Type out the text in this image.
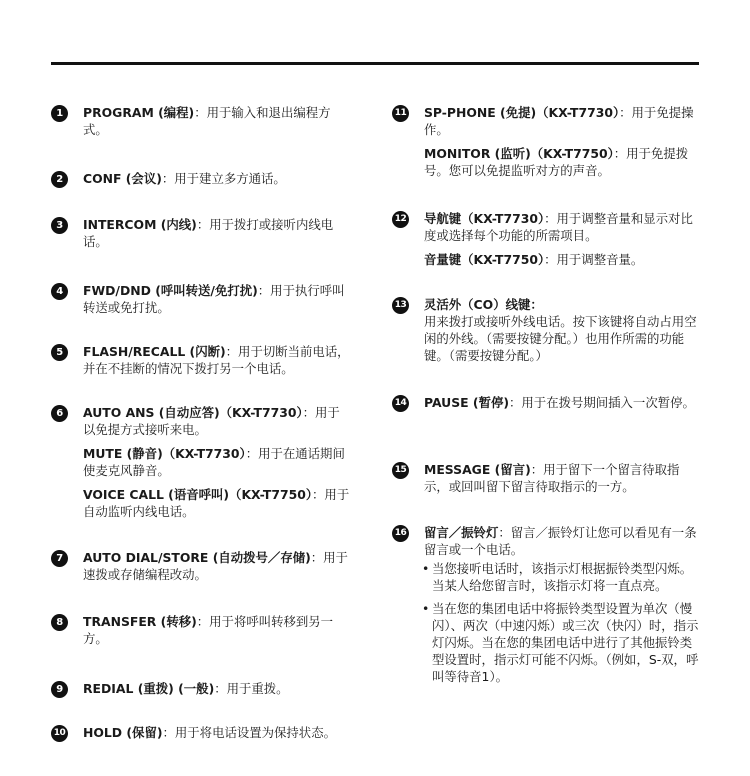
1	PROGRAM (编程)：用于输入和退出编程方式。
2	CONF (会议)：用于建立多方通话。
3	INTERCOM (内线)：用于拨打或接听内线电话。
4	FWD/DND (呼叫转送/免打扰)：用于执行呼叫转送或免打扰。
5	FLASH/RECALL (闪断)：用于切断当前电话，并在不挂断的情况下拨打另一个电话。
6	AUTO ANS (自动应答)（KX-T7730）：用于以免提方式接听来电。
MUTE (静音)（KX-T7730）：用于在通话期间使麦克风静音。
VOICE CALL (语音呼叫)（KX-T7750）：用于自动监听内线电话。
7	AUTO DIAL/STORE (自动拨号／存储)：用于速拨或存储编程改动。
8	TRANSFER (转移)：用于将呼叫转移到另一方。
9	REDIAL (重拨) (一般)：用于重拨。
10 HOLD (保留)：用于将电话设置为保持状态。
11 SP-PHONE (免提)（KX-T7730）：用于免提操作。
MONITOR (监听)（KX-T7750）：用于免提拨号。您可以免提监听对方的声音。
12 导航键（KX-T7730）：用于调整音量和显示对比度或选择每个功能的所需项目。
音量键（KX-T7750）：用于调整音量。
13 灵活外（CO）线键：
用来拨打或接听外线电话。按下该键将自动占用空闲的外线。（需要按键分配。）也用作所需的功能键。（需要按键分配。）
14 PAUSE (暂停)：用于在拨号期间插入一次暂停。
15 MESSAGE (留言)：用于留下一个留言待取指示，或回叫留下留言待取指示的一方。
16 留言／振铃灯：留言／振铃灯让您可以看见有一条留言或一个电话。
• 当您接听电话时，该指示灯根据振铃类型闪烁。当某人给您留言时，该指示灯将一直点亮。
• 当在您的集团电话中将振铃类型设置为单次（慢闪）、两次（中速闪烁）或三次（快闪）时，指示灯闪烁。当在您的集团电话中进行了其他振铃类型设置时，指示灯可能不闪烁。（例如，S-双，呼叫等待音1）。
